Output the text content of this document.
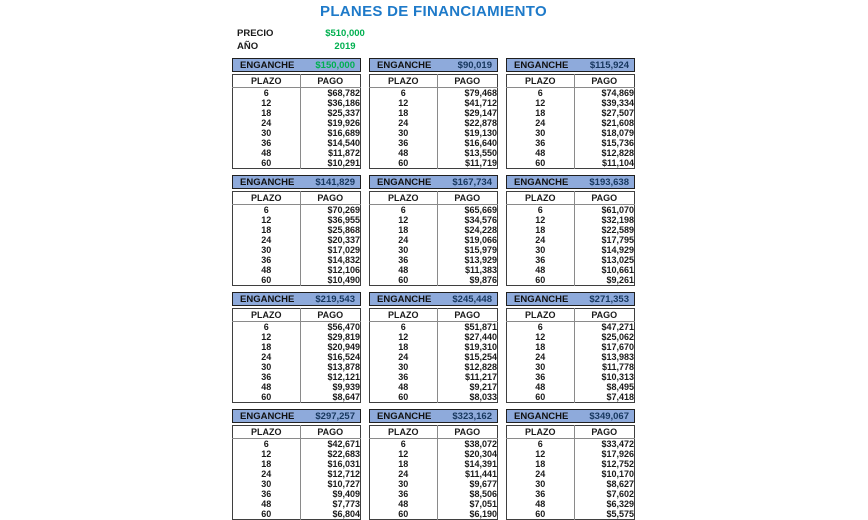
PLANES DE FINANCIAMIENTO
PRECIO	$510,000
AÑO	2019
ENGANCHE $150,000
PLAZO	PAGO
6	$68,782
12	$36,186
18	$25,337
24	$19,926
30	$16,689
36	$14,540
48	$11,872
60	$10,291
ENGANCHE	$90,019
PLAZO	PAGO
6	$79,468
12	$41,712
18	$29,147
24	$22,878
30	$19,130
36	$16,640
48	$13,550
60	$11,719
ENGANCHE $115,924
PLAZO	PAGO
6	$74,869
12	$39,334
18	$27,507
24	$21,608
30	$18,079
36	$15,736
48	$12,828
60	$11,104
ENGANCHE $141,829
PLAZO	PAGO
6	$70,269
12	$36,955
18	$25,868
24	$20,337
30	$17,029
36	$14,832
48	$12,106
60	$10,490
ENGANCHE $167,734
PLAZO	PAGO
6	$65,669
12	$34,576
18	$24,228
24	$19,066
30	$15,979
36	$13,929
48	$11,383
60	$9,876
ENGANCHE $193,638
PLAZO	PAGO
6	$61,070
12	$32,198
18	$22,589
24	$17,795
30	$14,929
36	$13,025
48	$10,661
60	$9,261
ENGANCHE $219,543
PLAZO	PAGO
6	$56,470
12	$29,819
18	$20,949
24	$16,524
30	$13,878
36	$12,121
48	$9,939
60	$8,647
ENGANCHE $245,448
PLAZO	PAGO
6	$51,871
12	$27,440
18	$19,310
24	$15,254
30	$12,828
36	$11,217
48	$9,217
60	$8,033
ENGANCHE $271,353
PLAZO	PAGO
6	$47,271
12	$25,062
18	$17,670
24	$13,983
30	$11,778
36	$10,313
48	$8,495
60	$7,418
ENGANCHE $297,257
PLAZO	PAGO
6	$42,671
12	$22,683
18	$16,031
24	$12,712
30	$10,727
36	$9,409
48	$7,773
60	$6,804
ENGANCHE $323,162
PLAZO	PAGO
6	$38,072
12	$20,304
18	$14,391
24	$11,441
30	$9,677
36	$8,506
48	$7,051
60	$6,190
ENGANCHE $349,067
PLAZO	PAGO
6	$33,472
12	$17,926
18	$12,752
24	$10,170
30	$8,627
36	$7,602
48	$6,329
60	$5,575
